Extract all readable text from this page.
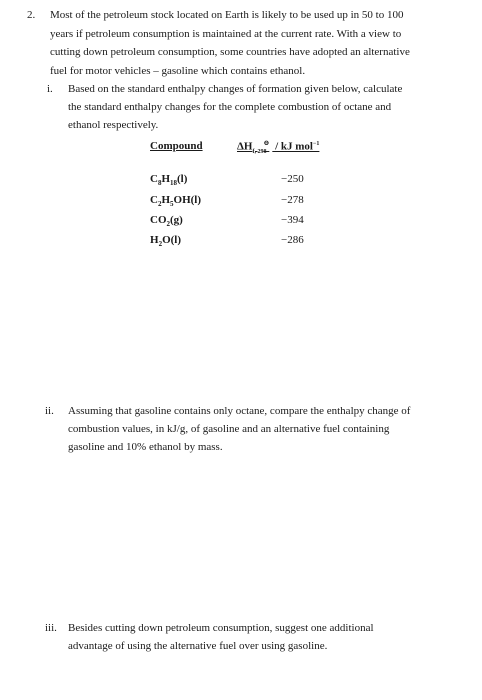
2. Most of the petroleum stock located on Earth is likely to be used up in 50 to 100
years if petroleum consumption is maintained at the current rate. With a view to
cutting down petroleum consumption, some countries have adopted an alternative
fuel for motor vehicles – gasoline which contains ethanol.
i. Based on the standard enthalpy changes of formation given below, calculate
the standard enthalpy changes for the complete combustion of octane and
ethanol respectively.
Compound	$\Delta H_{f, 298}^⊖$ / kJ mol$^{-1}$
$C_8H_{18}(l)$	−250
$C_2H_5OH(l)$	−278
$CO_2(g)$	−394
$H_2O(l)$	−286
ii. Assuming that gasoline contains only octane, compare the enthalpy change of
combustion values, in kJ/g, of gasoline and an alternative fuel containing
gasoline and 10% ethanol by mass.
iii. Besides cutting down petroleum consumption, suggest one additional
advantage of using the alternative fuel over using gasoline.
